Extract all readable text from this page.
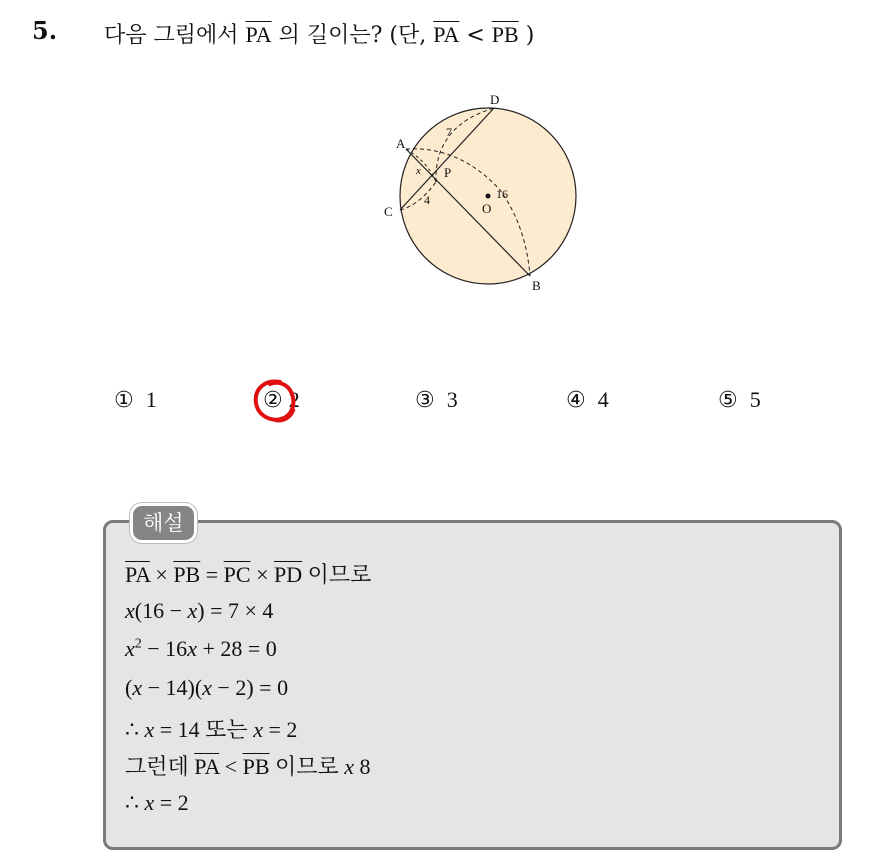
5. 다음 그림에서 $\overline{PA}$ 의 길이는? (단, $\overline{PA} < \overline{PB}$ )
A
B
C
D
P
O
x
7
4	16
① 1	② 2	③ 3	④ 4	⑤ 5
해설
$\overline{PA} \times \overline{PB} = \overline{PC} \times \overline{PD}$ 이므로
x(16 − x) = 7 × 4
$x^2 - 16x + 28 = 0$
(x − 14)(x − 2) = 0
∴ x = 14 또는 x = 2
그런데 $\overline{PA} < \overline{PB}$ 이므로 x 8
∴ x = 2
